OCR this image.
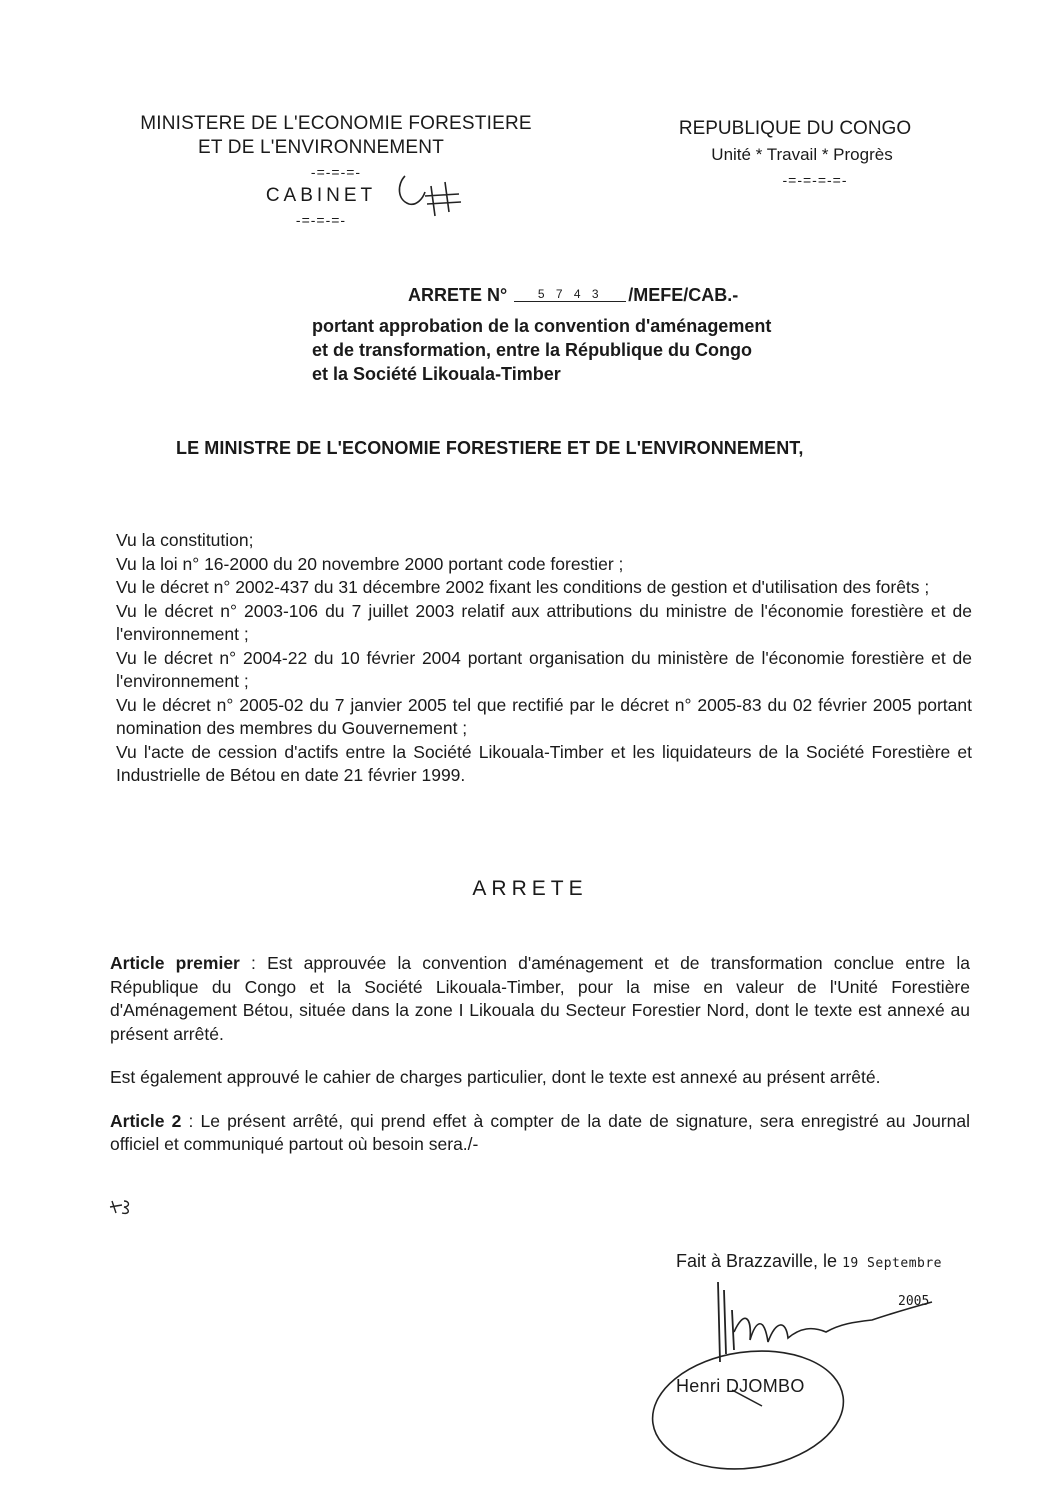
MINISTERE DE L'ECONOMIE FORESTIERE
ET DE L'ENVIRONNEMENT
-=-=-=-
CABINET
-=-=-=-
REPUBLIQUE DU CONGO
Unité * Travail * Progrès
-=-=-=-=-
ARRETE N°	5 7 4 3 /MEFE/CAB.-
portant approbation de la convention d'aménagement
et de transformation, entre la République du Congo
et la Société Likouala-Timber
LE MINISTRE DE L'ECONOMIE FORESTIERE ET DE L'ENVIRONNEMENT,

Vu la constitution;

Vu la loi n° 16-2000 du 20 novembre 2000 portant code forestier ;

Vu le décret n° 2002-437 du 31 décembre 2002 fixant les conditions de gestion et d'utilisation des forêts ;

Vu le décret n° 2003-106 du 7 juillet 2003 relatif aux attributions du ministre de l'économie forestière et de l'environnement ;

Vu le décret n° 2004-22 du 10 février 2004 portant organisation du ministère de l'économie forestière et de l'environnement ;

Vu le décret n° 2005-02 du 7 janvier 2005 tel que rectifié par le décret n° 2005-83 du 02 février 2005 portant nomination des membres du Gouvernement ;

Vu l'acte de cession d'actifs entre la Société Likouala-Timber et les liquidateurs de la Société Forestière et Industrielle de Bétou en date 21 février 1999.

ARRETE

Article premier : Est approuvée la convention d'aménagement et de transformation conclue entre la République du Congo et la Société Likouala-Timber, pour la mise en valeur de l'Unité Forestière d'Aménagement Bétou, située dans la zone I Likouala du Secteur Forestier Nord, dont le texte est annexé au présent arrêté.

Est également approuvé le cahier de charges particulier, dont le texte est annexé au présent arrêté.

Article 2 : Le présent arrêté, qui prend effet à compter de la date de signature, sera enregistré au Journal officiel et communiqué partout où besoin sera./-

Fait à Brazzaville, le 19 Septembre
2005
Henri DJOMBO
